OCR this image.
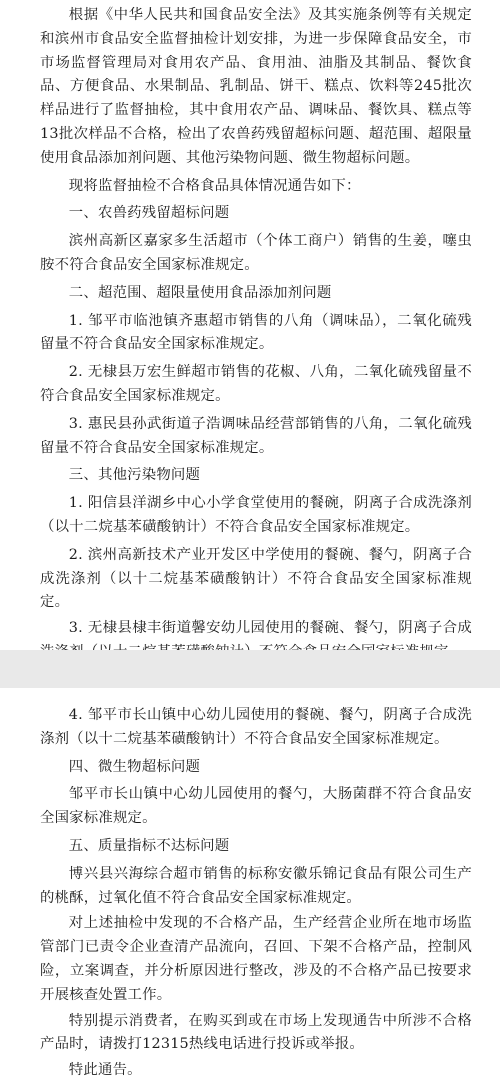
根据《中华人民共和国食品安全法》及其实施条例等有关规定和滨州市食品安全监督抽检计划安排，为进一步保障食品安全，市市场监督管理局对食用农产品、食用油、油脂及其制品、餐饮食品、方便食品、水果制品、乳制品、饼干、糕点、饮料等245批次样品进行了监督抽检，其中食用农产品、调味品、餐饮具、糕点等13批次样品不合格，检出了农兽药残留超标问题、超范围、超限量使用食品添加剂问题、其他污染物问题、微生物超标问题。

现将监督抽检不合格食品具体情况通告如下：

一、农兽药残留超标问题

滨州高新区嘉家多生活超市（个体工商户）销售的生姜，噻虫胺不符合食品安全国家标准规定。

二、超范围、超限量使用食品添加剂问题

1. 邹平市临池镇齐惠超市销售的八角（调味品），二氧化硫残留量不符合食品安全国家标准规定。

2. 无棣县万宏生鲜超市销售的花椒、八角，二氧化硫残留量不符合食品安全国家标准规定。

3. 惠民县孙武街道子浩调味品经营部销售的八角，二氧化硫残留量不符合食品安全国家标准规定。

三、其他污染物问题

1. 阳信县洋湖乡中心小学食堂使用的餐碗，阴离子合成洗涤剂（以十二烷基苯磺酸钠计）不符合食品安全国家标准规定。

2. 滨州高新技术产业开发区中学使用的餐碗、餐勺，阴离子合成洗涤剂（以十二烷基苯磺酸钠计）不符合食品安全国家标准规定。

3. 无棣县棣丰街道馨安幼儿园使用的餐碗、餐勺，阴离子合成

4. 邹平市长山镇中心幼儿园使用的餐碗、餐勺，阴离子合成洗涤剂（以十二烷基苯磺酸钠计）不符合食品安全国家标准规定。

四、微生物超标问题

邹平市长山镇中心幼儿园使用的餐勺，大肠菌群不符合食品安全国家标准规定。

五、质量指标不达标问题

博兴县兴海综合超市销售的标称安徽乐锦记食品有限公司生产的桃酥，过氧化值不符合食品安全国家标准规定。

对上述抽检中发现的不合格产品，生产经营企业所在地市场监管部门已责令企业查清产品流向，召回、下架不合格产品，控制风险，立案调查，并分析原因进行整改，涉及的不合格产品已按要求开展核查处置工作。

特别提示消费者，在购买到或在市场上发现通告中所涉不合格产品时，请拨打12315热线电话进行投诉或举报。

特此通告。
